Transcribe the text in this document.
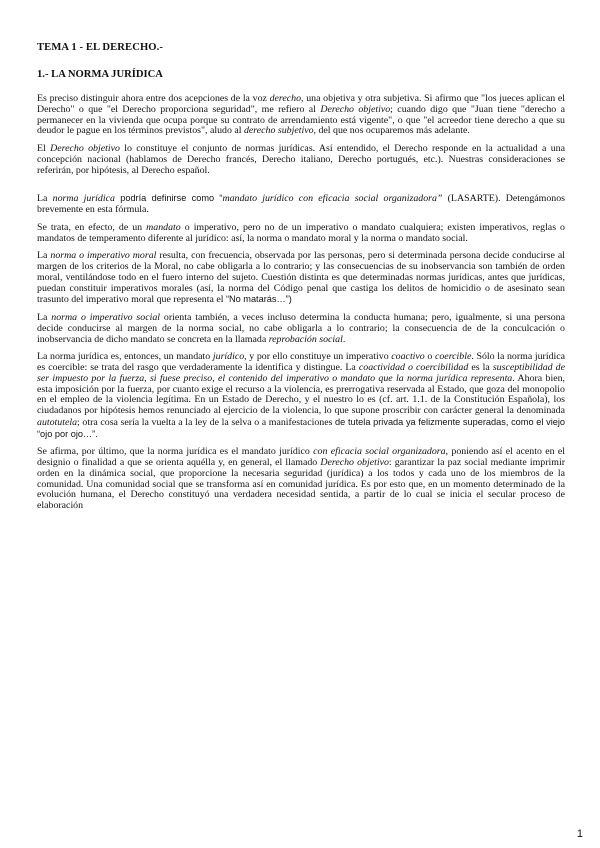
TEMA 1 - EL DERECHO.-
1.- LA NORMA JURÍDICA

Es preciso distinguir ahora entre dos acepciones de la voz derecho, una objetiva y otra subjetiva. Si afirmo que "los jueces aplican el Derecho" o que "el Derecho proporciona seguridad", me refiero al Derecho objetivo; cuando digo que "Juan tiene "derecho a permanecer en la vivienda que ocupa porque su contrato de arrendamiento está vigente", o que "el acreedor tiene derecho a que su deudor le pague en los términos previstos", aludo al derecho subjetivo, del que nos ocuparemos más adelante.

El Derecho objetivo lo constituye el conjunto de normas jurídicas. Así entendido, el Derecho responde en la actualidad a una concepción nacional (hablamos de Derecho francés, Derecho italiano, Derecho portugués, etc.). Nuestras consideraciones se referirán, por hipótesis, al Derecho español.

La norma jurídica podría definirse como “mandato jurídico con eficacia social organizadora” (LASARTE). Detengámonos brevemente en esta fórmula.

Se trata, en efecto, de un mandato o imperativo, pero no de un imperativo o mandato cualquiera; existen imperativos, reglas o mandatos de temperamento diferente al jurídico: así, la norma o mandato moral y la norma o mandato social.

La norma o imperativo moral resulta, con frecuencia, observada por las personas, pero si determinada persona decide conducirse al margen de los criterios de la Moral, no cabe obligarla a lo contrario; y las consecuencias de su inobservancia son también de orden moral, ventilándose todo en el fuero interno del sujeto. Cuestión distinta es que determinadas normas jurídicas, antes que jurídicas, puedan constituir imperativos morales (así, la norma del Código penal que castiga los delitos de homicidio o de asesinato sean trasunto del imperativo moral que representa el “No matarás…”)

La norma o imperativo social orienta también, a veces incluso determina la conducta humana; pero, igualmente, si una persona decide conducirse al margen de la norma social, no cabe obligarla a lo contrario; la consecuencia de de la conculcación o inobservancia de dicho mandato se concreta en la llamada reprobación social.

La norma jurídica es, entonces, un mandato jurídico, y por ello constituye un imperativo coactivo o coercible. Sólo la norma jurídica es coercible: se trata del rasgo que verdaderamente la identifica y distingue. La coactividad o coercibilidad es la susceptibilidad de ser impuesto por la fuerza, si fuese preciso, el contenido del imperativo o mandato que la norma jurídica representa. Ahora bien, esta imposición por la fuerza, por cuanto exige el recurso a la violencia, es prerrogativa reservada al Estado, que goza del monopolio en el empleo de la violencia legítima. En un Estado de Derecho, y el nuestro lo es (cf. art. 1.1. de la Constitución Española), los ciudadanos por hipótesis hemos renunciado al ejercicio de la violencia, lo que supone proscribir con carácter general la denominada autotutela; otra cosa sería la vuelta a la ley de la selva o a manifestaciones de tutela privada ya felizmente superadas, como el viejo “ojo por ojo…”.

Se afirma, por último, que la norma jurídica es el mandato jurídico con eficacia social organizadora, poniendo así el acento en el designio o finalidad a que se orienta aquélla y, en general, el llamado Derecho objetivo: garantizar la paz social mediante imprimir orden en la dinámica social, que proporcione la necesaria seguridad (jurídica) a los todos y cada uno de los miembros de la comunidad. Una comunidad social que se transforma así en comunidad jurídica. Es por esto que, en un momento determinado de la evolución humana, el Derecho constituyó una verdadera necesidad sentida, a partir de lo cual se inicia el secular proceso de elaboración

1
